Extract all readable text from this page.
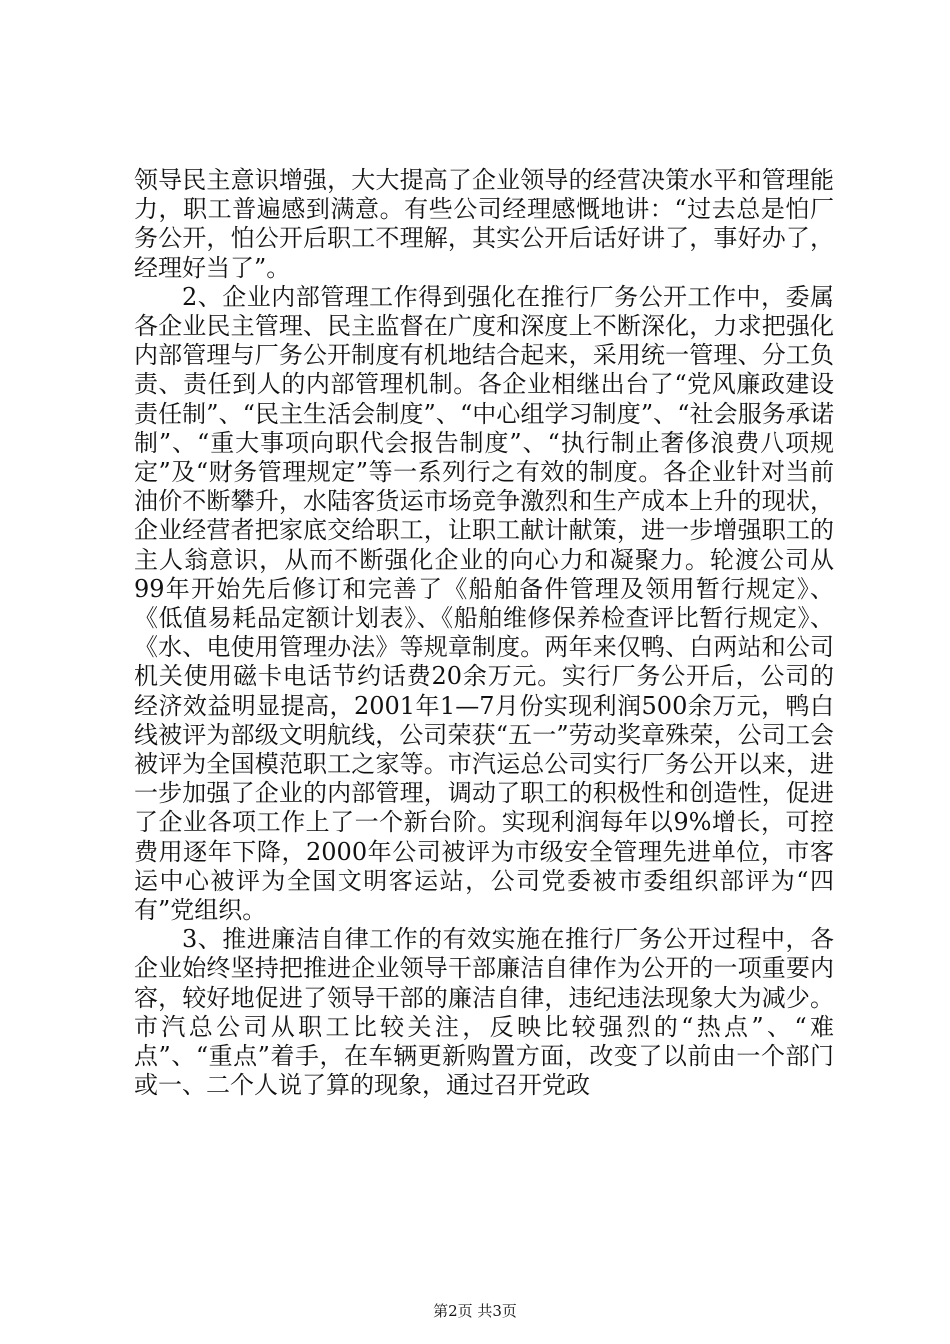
领导民主意识增强，大大提高了企业领导的经营决策水平和管理能力，职工普遍感到满意。有些公司经理感慨地讲：“过去总是怕厂务公开，怕公开后职工不理解，其实公开后话好讲了，事好办了，经理好当了”。

2、企业内部管理工作得到强化在推行厂务公开工作中，委属各企业民主管理、民主监督在广度和深度上不断深化，力求把强化内部管理与厂务公开制度有机地结合起来，采用统一管理、分工负责、责任到人的内部管理机制。各企业相继出台了“党风廉政建设责任制”、“民主生活会制度”、“中心组学习制度”、“社会服务承诺制”、“重大事项向职代会报告制度”、“执行制止奢侈浪费八项规定”及“财务管理规定”等一系列行之有效的制度。各企业针对当前油价不断攀升，水陆客货运市场竞争激烈和生产成本上升的现状，企业经营者把家底交给职工，让职工献计献策，进一步增强职工的主人翁意识，从而不断强化企业的向心力和凝聚力。轮渡公司从99年开始先后修订和完善了《船舶备件管理及领用暂行规定》、《低值易耗品定额计划表》、《船舶维修保养检查评比暂行规定》、《水、电使用管理办法》等规章制度。两年来仅鸭、白两站和公司机关使用磁卡电话节约话费20余万元。实行厂务公开后，公司的经济效益明显提高，2001年1—7月份实现利润500余万元，鸭白线被评为部级文明航线，公司荣获“五一”劳动奖章殊荣，公司工会被评为全国模范职工之家等。市汽运总公司实行厂务公开以来，进一步加强了企业的内部管理，调动了职工的积极性和创造性，促进了企业各项工作上了一个新台阶。实现利润每年以9%增长，可控费用逐年下降，2000年公司被评为市级安全管理先进单位，市客运中心被评为全国文明客运站，公司党委被市委组织部评为“四有”党组织。

3、推进廉洁自律工作的有效实施在推行厂务公开过程中，各企业始终坚持把推进企业领导干部廉洁自律作为公开的一项重要内容，较好地促进了领导干部的廉洁自律，违纪违法现象大为减少。市汽总公司从职工比较关注，反映比较强烈的“热点”、“难点”、“重点”着手，在车辆更新购置方面，改变了以前由一个部门或一、二个人说了算的现象，通过召开党政

第2页 共3页
